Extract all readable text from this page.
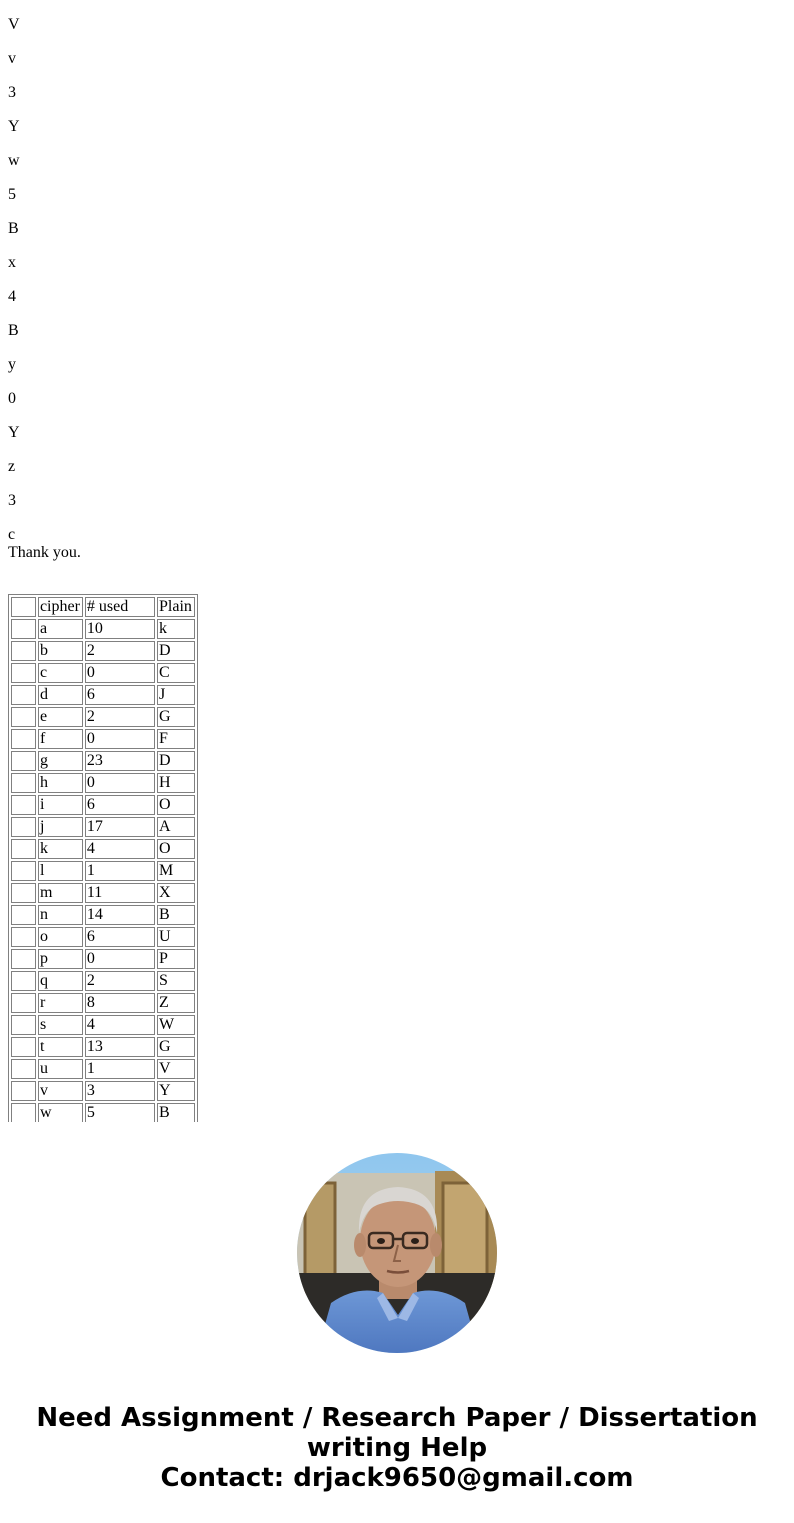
V

v

3

Y

w

5

B

x

4

B

y

0

Y

z

3

c

Thank you.

	cipher	# used	Plain
	a	10	k
	b	2	D
	c	0	C
	d	6	J
	e	2	G
	f	0	F
	g	23	D
	h	0	H
	i	6	O
	j	17	A
	k	4	O
	l	1	M
	m	11	X
	n	14	B
	o	6	U
	p	0	P
	q	2	S
	r	8	Z
	s	4	W
	t	13	G
	u	1	V
	v	3	Y
	w	5	B
Need Assignment / Research Paper / Dissertation
writing Help
Contact: drjack9650@gmail.com
